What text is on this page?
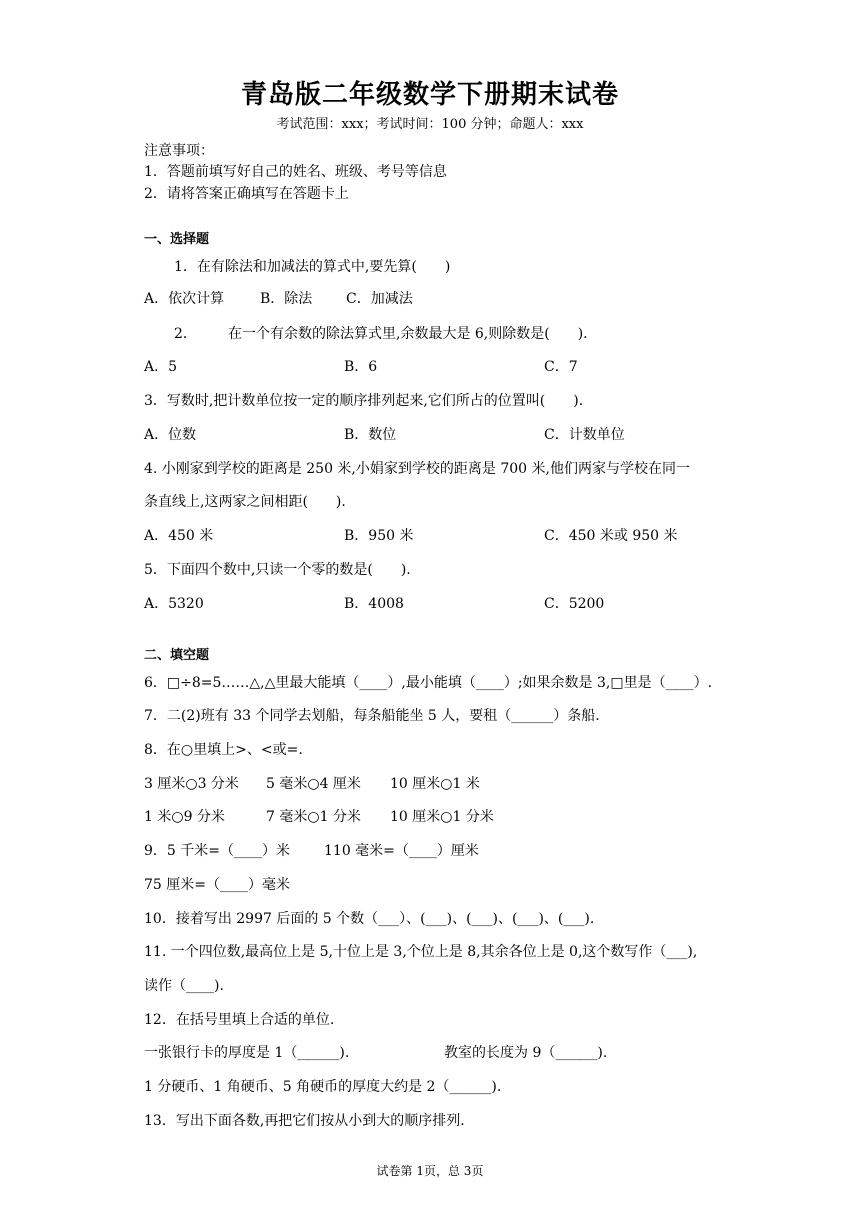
青岛版二年级数学下册期末试卷
考试范围：xxx；考试时间：100 分钟；命题人：xxx
注意事项：
1．答题前填写好自己的姓名、班级、考号等信息
2．请将答案正确填写在答题卡上
一、选择题
1．在有除法和加减法的算式中,要先算(　　)
A．依次计算	B．除法 C．加减法
2． 在一个有余数的除法算式里,余数最大是 6,则除数是(　　).
A．5	B．6	C．7
3．写数时,把计数单位按一定的顺序排列起来,它们所占的位置叫(　　).
A．位数	B．数位	C．计数单位
4. 小刚家到学校的距离是 250 米,小娟家到学校的距离是 700 米,他们两家与学校在同一
条直线上,这两家之间相距(　　).
A．450 米	B．950 米	C．450 米或 950 米
5．下面四个数中,只读一个零的数是(　　).
A．5320	B．4008	C．5200
二、填空题
6．□÷8=5……△,△里最大能填（____）,最小能填（____）;如果余数是 3,□里是（____）.
7．二(2)班有 33 个同学去划船，每条船能坐 5 人，要租（______）条船.
8．在○里填上>、<或=.
3 厘米○3 分米 5 毫米○4 厘米 10 厘米○1 米
1 米○9 分米	7 毫米○1 分米 10 厘米○1 分米
9．5 千米=（____）米 110 毫米=（____）厘米
75 厘米=（____）毫米
10．接着写出 2997 后面的 5 个数（___）、(___)、(___)、(___)、(___).
11. 一个四位数,最高位上是 5,十位上是 3,个位上是 8,其余各位上是 0,这个数写作（___),
读作（____).
12．在括号里填上合适的单位.
一张银行卡的厚度是 1（______).	教室的长度为 9（______).
1 分硬币、1 角硬币、5 角硬币的厚度大约是 2（______).
13．写出下面各数,再把它们按从小到大的顺序排列.
试卷第 1页，总 3页
